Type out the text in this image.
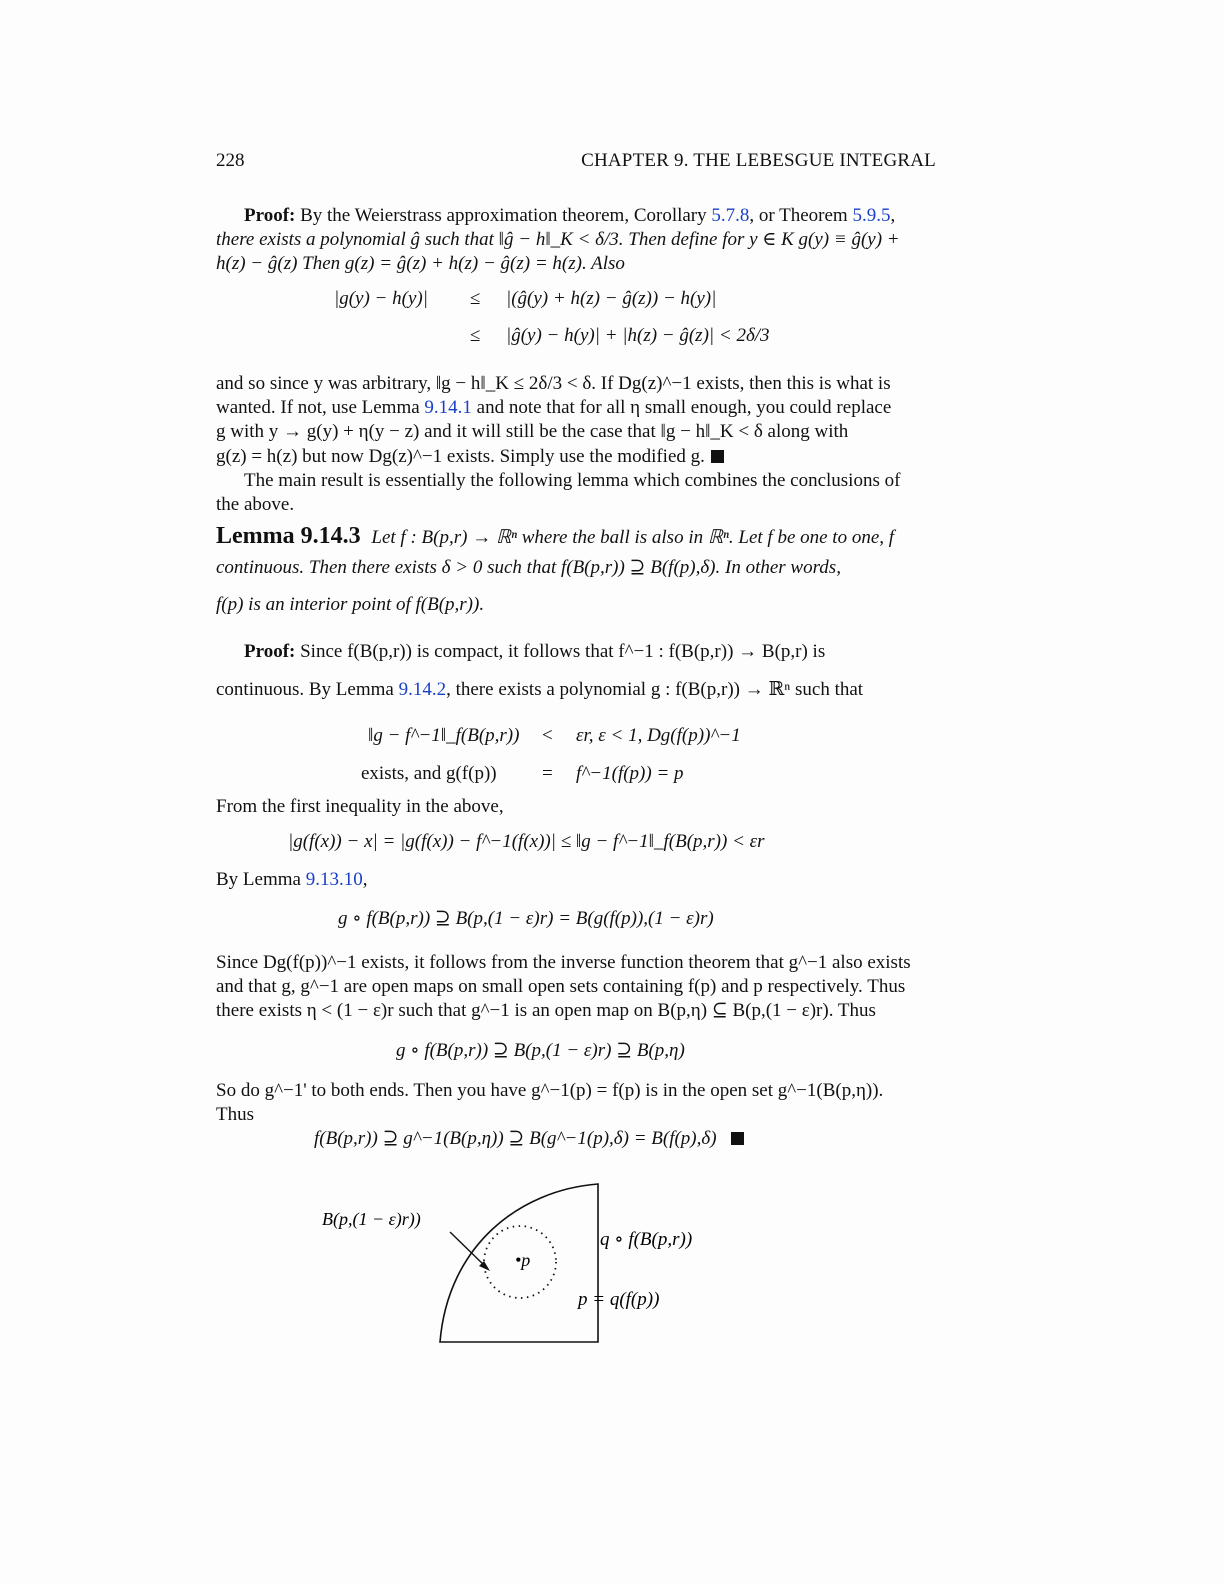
228	CHAPTER 9. THE LEBESGUE INTEGRAL
Proof: By the Weierstrass approximation theorem, Corollary 5.7.8, or Theorem 5.9.5,
there exists a polynomial ĝ such that ‖ĝ − h‖_K < δ/3. Then define for y ∈ K g(y) ≡ ĝ(y) +
h(z) − ĝ(z) Then g(z) = ĝ(z) + h(z) − ĝ(z) = h(z). Also
|g(y) − h(y)| ≤ |(ĝ(y) + h(z) − ĝ(z)) − h(y)|
≤ |ĝ(y) − h(y)| + |h(z) − ĝ(z)| < 2δ/3
and so since y was arbitrary, ‖g − h‖_K ≤ 2δ/3 < δ. If Dg(z)^−1 exists, then this is what is
wanted. If not, use Lemma 9.14.1 and note that for all η small enough, you could replace
g with y → g(y) + η(y − z) and it will still be the case that ‖g − h‖_K < δ along with
g(z) = h(z) but now Dg(z)^−1 exists. Simply use the modified g.
The main result is essentially the following lemma which combines the conclusions of
the above.
Lemma 9.14.3 Let f : B(p,r) → ℝⁿ where the ball is also in ℝⁿ. Let f be one to one, f
continuous. Then there exists δ > 0 such that f(B(p,r)) ⊇ B(f(p),δ). In other words,
f(p) is an interior point of f(B(p,r)).
Proof: Since f(B(p,r)) is compact, it follows that f^−1 : f(B(p,r)) → B(p,r) is
continuous. By Lemma 9.14.2, there exists a polynomial g : f(B(p,r)) → ℝⁿ such that
‖g − f^−1‖_f(B(p,r)) < εr, ε < 1, Dg(f(p))^−1
exists, and g(f(p)) = f^−1(f(p)) = p
From the first inequality in the above,
|g(f(x)) − x| = |g(f(x)) − f^−1(f(x))| ≤ ‖g − f^−1‖_f(B(p,r)) < εr
By Lemma 9.13.10,
g ∘ f(B(p,r)) ⊇ B(p,(1 − ε)r) = B(g(f(p)),(1 − ε)r)
Since Dg(f(p))^−1 exists, it follows from the inverse function theorem that g^−1 also exists
and that g, g^−1 are open maps on small open sets containing f(p) and p respectively. Thus
there exists η < (1 − ε)r such that g^−1 is an open map on B(p,η) ⊆ B(p,(1 − ε)r). Thus
g ∘ f(B(p,r)) ⊇ B(p,(1 − ε)r) ⊇ B(p,η)
So do g^−1' to both ends. Then you have g^−1(p) = f(p) is in the open set g^−1(B(p,η)).
Thus
f(B(p,r)) ⊇ g^−1(B(p,η)) ⊇ B(g^−1(p),δ) = B(f(p),δ)
B(p,(1 − ε)r))
•p
q ∘ f(B(p,r))
p = q(f(p))
